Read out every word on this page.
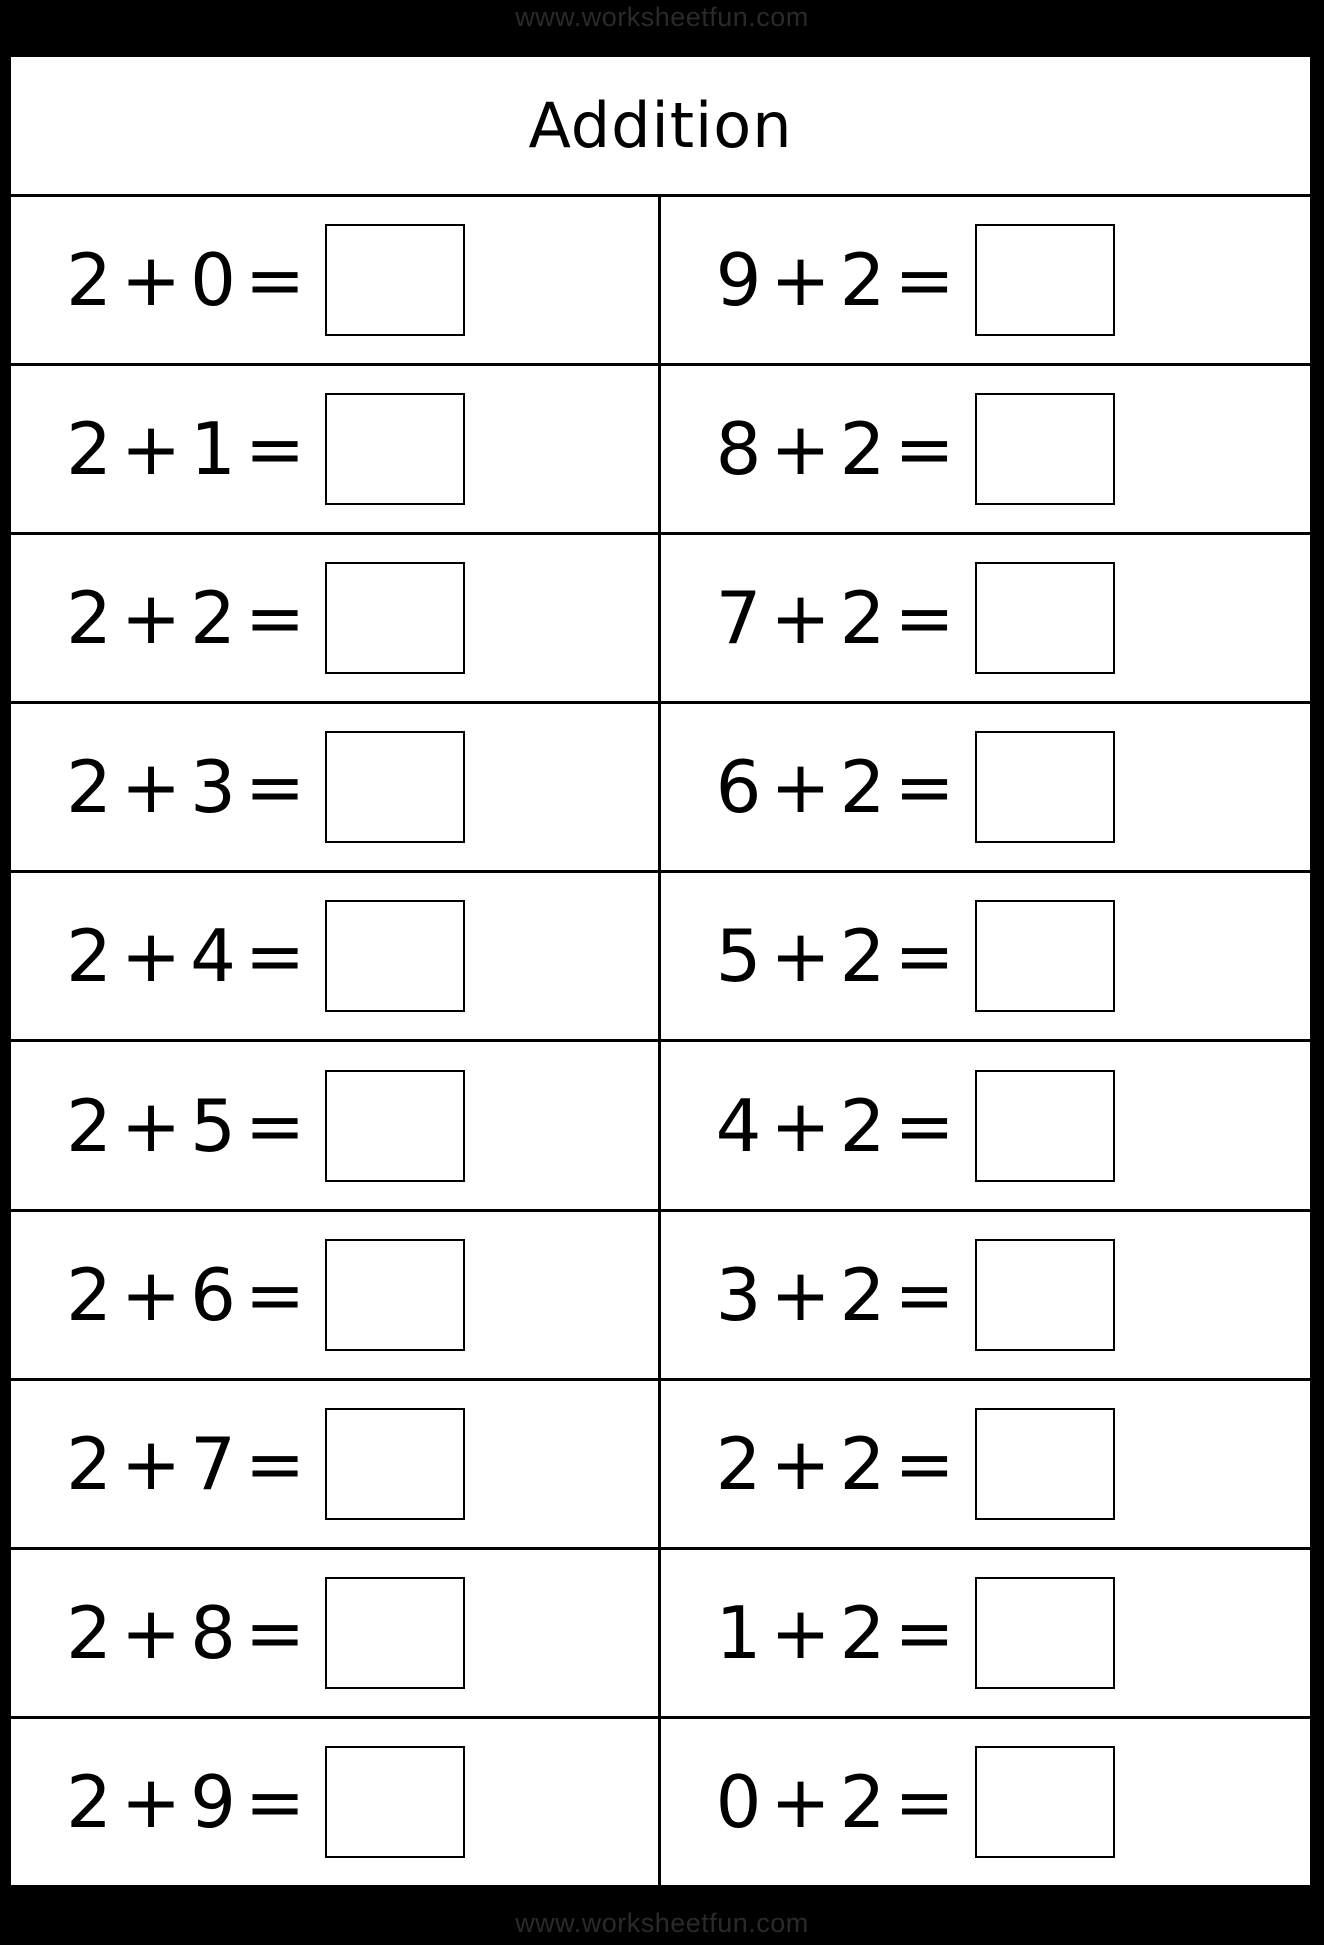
www.worksheetfun.com
Addition
2 + 0 =	9 + 2 =
2 + 1 =	8 + 2 =
2 + 2 =	7 + 2 =
2 + 3 =	6 + 2 =
2 + 4 =	5 + 2 =
2 + 5 =	4 + 2 =
2 + 6 =	3 + 2 =
2 + 7 =	2 + 2 =
2 + 8 =	1 + 2 =
2 + 9 =	0 + 2 =
www.worksheetfun.com
